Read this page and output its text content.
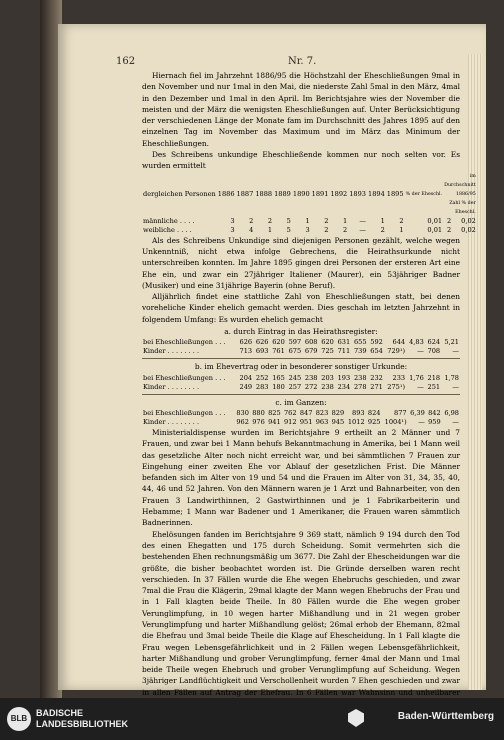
162	Nr. 7.

Hiernach fiel im Jahrzehnt 1886/95 die Höchstzahl der Eheschließungen 9mal in den November und nur 1mal in den Mai, die niederste Zahl 5mal in den März, 4mal in den Dezember und 1mal in den April. Im Berichtsjahre wies der November die meisten und der März die wenigsten Eheschließungen auf. Unter Berücksichtigung der verschiedenen Länge der Monate fam im Durchschnitt des Jahres 1895 auf den einzelnen Tag im November das Maximum und im März das Minimum der Eheschließungen.

Des Schreibens unkundige Eheschließende kommen nur noch selten vor. Es wurden ermittelt

dergleichen Personen	1886	1887	1888	1889	1890	1891	1892	1893	1894	1895	% der Eheschl.	im Durchschnitt 1886/95 Zahl % der Eheschl.	
männliche . . . .	3	2	2	5	1	2	1	—	1	2	0,01	2	0,02
weibliche . . . .	3	4	1	5	3	2	2	—	2	1	0,01	2	0,02

Als des Schreibens Unkundige sind diejenigen Personen gezählt, welche wegen Unkenntniß, nicht etwa infolge Gebrechens, die Heirathsurkunde nicht unterschreiben konnten. Im Jahre 1895 gingen drei Personen der ersteren Art eine Ehe ein, und zwar ein 27jähriger Italiener (Maurer), ein 53jähriger Badner (Musiker) und eine 31jährige Bayerin (ohne Beruf).

Alljährlich findet eine stattliche Zahl von Eheschließungen statt, bei denen voreheliche Kinder ehelich gemacht werden. Dies geschah im letzten Jahrzehnt in folgendem Umfang: Es wurden ehelich gemacht

a. durch Eintrag in das Heirathsregister:
bei Eheschließungen . . .	626	626	620	597	608	620	631	655	592	644	4,83	624	5,21
Kinder . . . . . . . .	713	693	761	675	679	725	711	739	654	729¹)	—	708	—
b. im Ehevertrag oder in besonderer sonstiger Urkunde:
bei Eheschließungen . . .	204	252	165	245	238	203	193	238	232	233	1,76	218	1,78
Kinder . . . . . . . .	249	283	180	257	272	238	234	278	271	275¹)	—	251	—
c. im Ganzen:
bei Eheschließungen . . .	830	880	825	762	847	823	829	893	824	877	6,39	842	6,98
Kinder . . . . . . . .	962	976	941	912	951	963	945	1012	925	1004¹)	—	959	—

Ministerialdispense wurden im Berichtsjahre 9 ertheilt an 2 Männer und 7 Frauen, und zwar bei 1 Mann behufs Bekanntmachung in Amerika, bei 1 Mann weil das gesetzliche Alter noch nicht erreicht war, und bei sämmtlichen 7 Frauen zur Eingehung einer zweiten Ehe vor Ablauf der gesetzlichen Frist. Die Männer befanden sich im Alter von 19 und 54 und die Frauen im Alter von 31, 34, 35, 40, 44, 46 und 52 Jahren. Von den Männern waren je 1 Arzt und Bahnarbeiter, von den Frauen 3 Landwirthinnen, 2 Gastwirthinnen und je 1 Fabrikarbeiterin und Hebamme; 1 Mann war Badener und 1 Amerikaner, die Frauen waren sämmtlich Badnerinnen.

Ehelösungen fanden im Berichtsjahre 9 369 statt, nämlich 9 194 durch den Tod des einen Ehegatten und 175 durch Scheidung. Somit vermehrten sich die bestehenden Ehen rechnungsmäßig um 3677. Die Zahl der Ehescheidungen war die größte, die bisher beobachtet worden ist. Die Gründe derselben waren recht verschieden. In 37 Fällen wurde die Ehe wegen Ehebruchs geschieden, und zwar 7mal die Frau die Klägerin, 29mal klagte der Mann wegen Ehebruchs der Frau und in 1 Fall klagten beide Theile. In 80 Fällen wurde die Ehe wegen grober Verunglimpfung, in 10 wegen harter Mißhandlung und in 21 wegen grober Verunglimpfung und harter Mißhandlung gelöst; 26mal erhob der Ehemann, 82mal die Ehefrau und 3mal beide Theile die Klage auf Ehescheidung. In 1 Fall klagte die Frau wegen Lebensgefährlichkeit und in 2 Fällen wegen Lebensgefährlichkeit, harter Mißhandlung und grober Verunglimpfung, ferner 4mal der Mann und 1mal beide Theile wegen Ehebruch und grober Verunglimpfung auf Scheidung. Wegen 3jähriger Landflüchtigkeit und Verschollenheit wurden 7 Ehen geschieden und zwar in allen Fällen auf Antrag der Ehefrau. In 6 Fällen war Wahnsinn und unheilbarer

BLB
BADISCHE
LANDESBIBLIOTHEK
Baden-Württemberg
